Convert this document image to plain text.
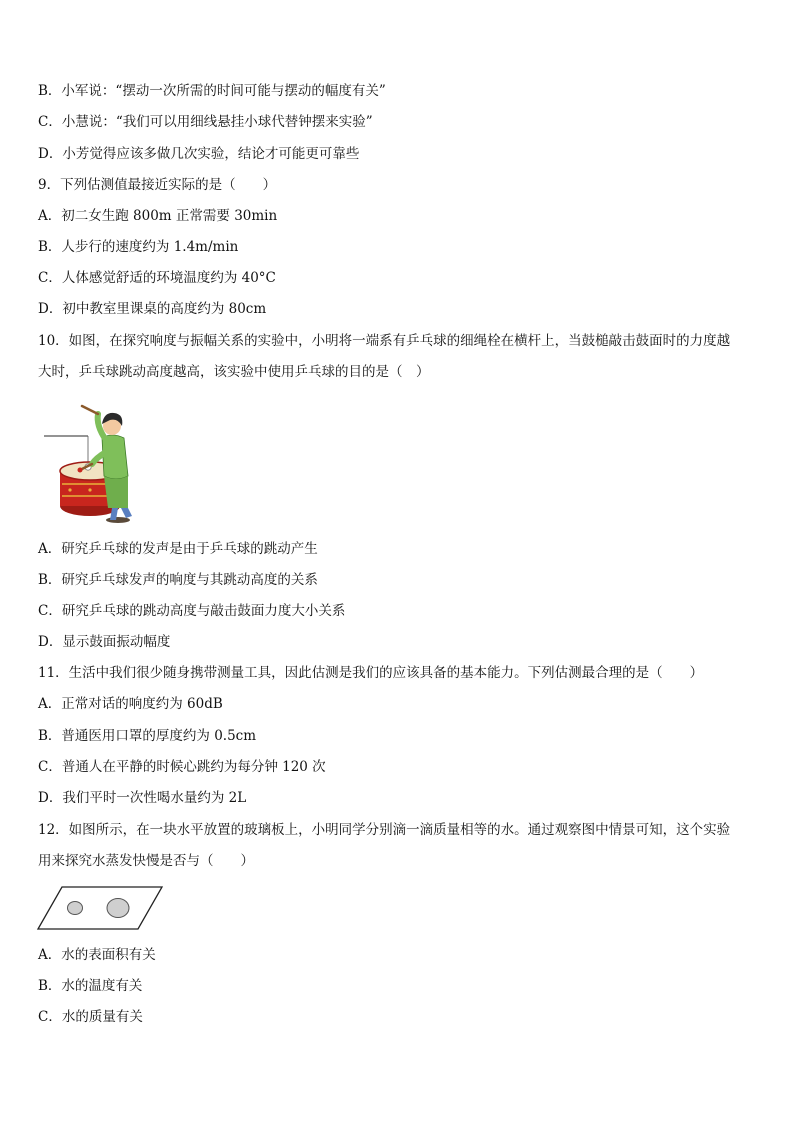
B．小军说：“摆动一次所需的时间可能与摆动的幅度有关”
C．小慧说：“我们可以用细线悬挂小球代替钟摆来实验”
D．小芳觉得应该多做几次实验，结论才可能更可靠些
9．下列估测值最接近实际的是（　　）
A．初二女生跑 800m 正常需要 30min
B．人步行的速度约为 1.4m/min
C．人体感觉舒适的环境温度约为 40°C
D．初中教室里课桌的高度约为 80cm
10．如图，在探究响度与振幅关系的实验中，小明将一端系有乒乓球的细绳栓在横杆上，当鼓槌敲击鼓面时的力度越
大时，乒乓球跳动高度越高，该实验中使用乒乓球的目的是（　）
A．研究乒乓球的发声是由于乒乓球的跳动产生
B．研究乒乓球发声的响度与其跳动高度的关系
C．研究乒乓球的跳动高度与敲击鼓面力度大小关系
D．显示鼓面振动幅度
11．生活中我们很少随身携带测量工具，因此估测是我们的应该具备的基本能力。下列估测最合理的是（　　）
A．正常对话的响度约为 60dB
B．普通医用口罩的厚度约为 0.5cm
C．普通人在平静的时候心跳约为每分钟 120 次
D．我们平时一次性喝水量约为 2L
12．如图所示，在一块水平放置的玻璃板上，小明同学分别滴一滴质量相等的水。通过观察图中情景可知，这个实验
用来探究水蒸发快慢是否与（　　）
A．水的表面积有关
B．水的温度有关
C．水的质量有关
